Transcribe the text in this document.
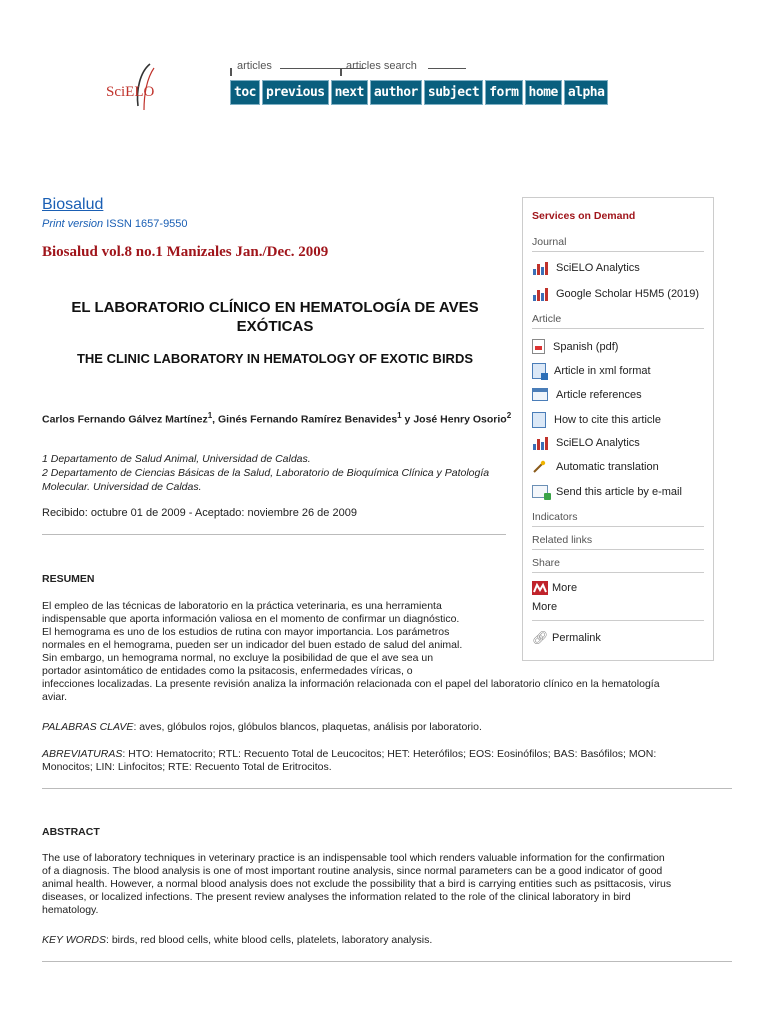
SciELO
articles	articles search
toc previous next author subject form home alpha
Biosalud
Print version ISSN 1657-9550
Biosalud vol.8 no.1 Manizales Jan./Dec. 2009
EL LABORATORIO CLÍNICO EN HEMATOLOGÍA DE AVES EXÓTICAS
THE CLINIC LABORATORY IN HEMATOLOGY OF EXOTIC BIRDS
Carlos Fernando Gálvez Martínez$^1$, Ginés Fernando Ramírez Benavides$^1$ y José Henry Osorio$^2$
1 Departamento de Salud Animal, Universidad de Caldas.
2 Departamento de Ciencias Básicas de la Salud, Laboratorio de Bioquímica Clínica y Patología Molecular. Universidad de Caldas.
Recibido: octubre 01 de 2009 - Aceptado: noviembre 26 de 2009
RESUMEN
El empleo de las técnicas de laboratorio en la práctica veterinaria, es una herramienta
indispensable que aporta información valiosa en el momento de confirmar un diagnóstico.
El hemograma es uno de los estudios de rutina con mayor importancia. Los parámetros
normales en el hemograma, pueden ser un indicador del buen estado de salud del animal.
Sin embargo, un hemograma normal, no excluye la posibilidad de que el ave sea un
portador asintomático de entidades como la psitacosis, enfermedades víricas, o
infecciones localizadas. La presente revisión analiza la información relacionada con el papel del laboratorio clínico en la hematología
aviar.
PALABRAS CLAVE: aves, glóbulos rojos, glóbulos blancos, plaquetas, análisis por laboratorio.
ABREVIATURAS: HTO: Hematocrito; RTL: Recuento Total de Leucocitos; HET: Heterófilos; EOS: Eosinófilos; BAS: Basófilos; MON:
Monocitos; LIN: Linfocitos; RTE: Recuento Total de Eritrocitos.
ABSTRACT
The use of laboratory techniques in veterinary practice is an indispensable tool which renders valuable information for the confirmation
of a diagnosis. The blood analysis is one of most important routine analysis, since normal parameters can be a good indicator of good
animal health. However, a normal blood analysis does not exclude the possibility that a bird is carrying entities such as psittacosis, virus
diseases, or localized infections. The present review analyses the information related to the role of the clinical laboratory in bird
hematology.
KEY WORDS: birds, red blood cells, white blood cells, platelets, laboratory analysis.
Services on Demand
Journal
SciELO Analytics
Google Scholar H5M5 (2019)
Article
Spanish (pdf)
Article in xml format
Article references
How to cite this article
SciELO Analytics
Automatic translation
Send this article by e-mail
Indicators
Related links
Share
More
More
🔗︎ Permalink
